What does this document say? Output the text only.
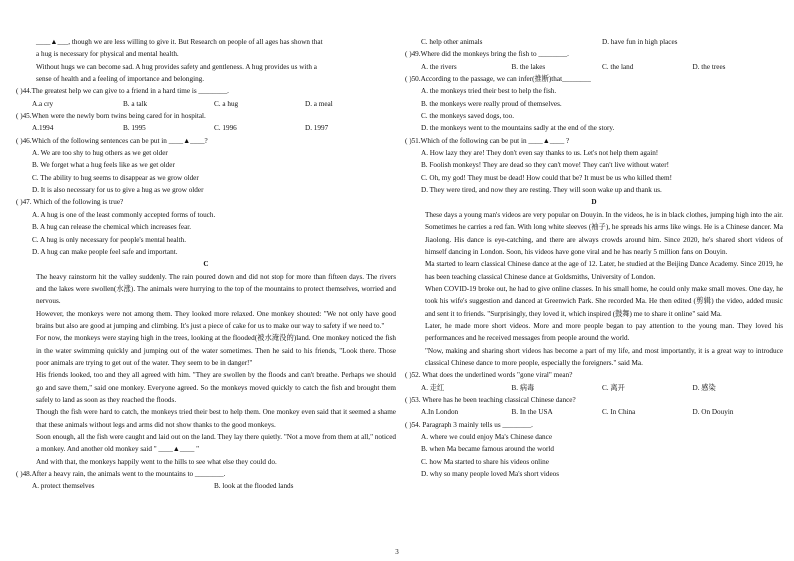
____▲___, though we are less willing to give it. But Research on people of all ages has shown that
a hug is necessary for physical and mental health.
Without hugs we can become sad. A hug provides safety and gentleness. A hug provides us with a
sense of health and a feeling of importance and belonging.
( )44.The greatest help we can give to a friend in a hard time is ________.
A.a cry	B. a talk	C. a hug	D. a meal
( )45.When were the newly born twins being cared for in hospital.
A.1994	B. 1995	C. 1996	D. 1997
( )46.Which of the following sentences can be put in ____▲____?
A. We are too shy to hug others as we get older
B. We forget what a hug feels like as we get older
C. The ability to hug seems to disappear as we grow older
D. It is also necessary for us to give a hug as we grow older
( )47. Which of the following is true?
A. A hug is one of the least commonly accepted forms of touch.
B. A hug can release the chemical which increases fear.
C. A hug is only necessary for people's mental health.
D. A hug can make people feel safe and important.
C
The heavy rainstorm hit the valley suddenly. The rain poured down and did not stop for more than fifteen days. The rivers and the lakes were swollen(水涨). The animals were hurrying to the top of the mountains to protect themselves, worried and nervous.
However, the monkeys were not among them. They looked more relaxed. One monkey shouted: "We not only have good brains but also are good at jumping and climbing. It's just a piece of cake for us to make our way to safety if we need to."
For now, the monkeys were staying high in the trees, looking at the flooded(被水淹没的)land. One monkey noticed the fish in the water swimming quickly and jumping out of the water sometimes. Then he said to his friends, "Look there. Those poor animals are trying to get out of the water. They seem to be in danger!"
His friends looked, too and they all agreed with him. "They are swollen by the floods and can't breathe. Perhaps we should go and save them," said one monkey. Everyone agreed. So the monkeys moved quickly to catch the fish and brought them safely to land as soon as they reached the floods.
Though the fish were hard to catch, the monkeys tried their best to help them. One monkey even said that it seemed a shame that these animals without legs and arms did not show thanks to the good monkeys.
Soon enough, all the fish were caught and laid out on the land. They lay there quietly. "Not a move from them at all," noticed a monkey. And another old monkey said " ____▲____ "
And with that, the monkeys happily went to the hills to see what else they could do.
( )48.After a heavy rain, the animals went to the mountains to ________.
A. protect themselves	B. look at the flooded lands
C. help other animals	D. have fun in high places
( )49.Where did the monkeys bring the fish to ________.
A. the rivers	B. the lakes	C. the land	D. the trees
( )50.According to the passage, we can infer(推断)that________
A. the monkeys tried their best to help the fish.
B. the monkeys were really proud of themselves.
C. the monkeys saved dogs, too.
D. the monkeys went to the mountains sadly at the end of the story.
( )51.Which of the following can be put in ____▲____ ?
A. How lazy they are! They don't even say thanks to us. Let's not help them again!
B. Foolish monkeys! They are dead so they can't move! They can't live without water!
C. Oh, my god! They must be dead! How could that be? It must be us who killed them!
D. They were tired, and now they are resting. They will soon wake up and thank us.
D
These days a young man's videos are very popular on Douyin. In the videos, he is in black clothes, jumping high into the air. Sometimes he carries a red fan. With long white sleeves (袖子), he spreads his arms like wings. He is a Chinese dancer. Ma Jiaolong. His dance is eye-catching, and there are always crowds around him. Since 2020, he's shared short videos of himself dancing in London. Soon, his videos have gone viral and he has nearly 5 million fans on Douyin.
Ma started to learn classical Chinese dance at the age of 12. Later, he studied at the Beijing Dance Academy. Since 2019, he has been teaching classical Chinese dance at Goldsmiths, University of London.
When COVID-19 broke out, he had to give online classes. In his small home, he could only make small moves. One day, he took his wife's suggestion and danced at Greenwich Park. She recorded Ma. He then edited (剪辑) the video, added music and sent it to friends. "Surprisingly, they loved it, which inspired (鼓舞) me to share it online" said Ma.
Later, he made more short videos. More and more people began to pay attention to the young man. They loved his performances and he received messages from people around the world.
"Now, making and sharing short videos has become a part of my life, and most importantly, it is a great way to introduce classical Chinese dance to more people, especially the foreigners." said Ma.
( )52. What does the underlined words "gone viral" mean?
A. 走红	B. 病毒	C. 离开	D. 感染
( )53. Where has he been teaching classical Chinese dance?
A.In London	B. In the USA	C. In China	D. On Douyin
( )54. Paragraph 3 mainly tells us ________.
A. where we could enjoy Ma's Chinese dance
B. when Ma became famous around the world
C. how Ma started to share his videos online
D. why so many people loved Ma's short videos
3
